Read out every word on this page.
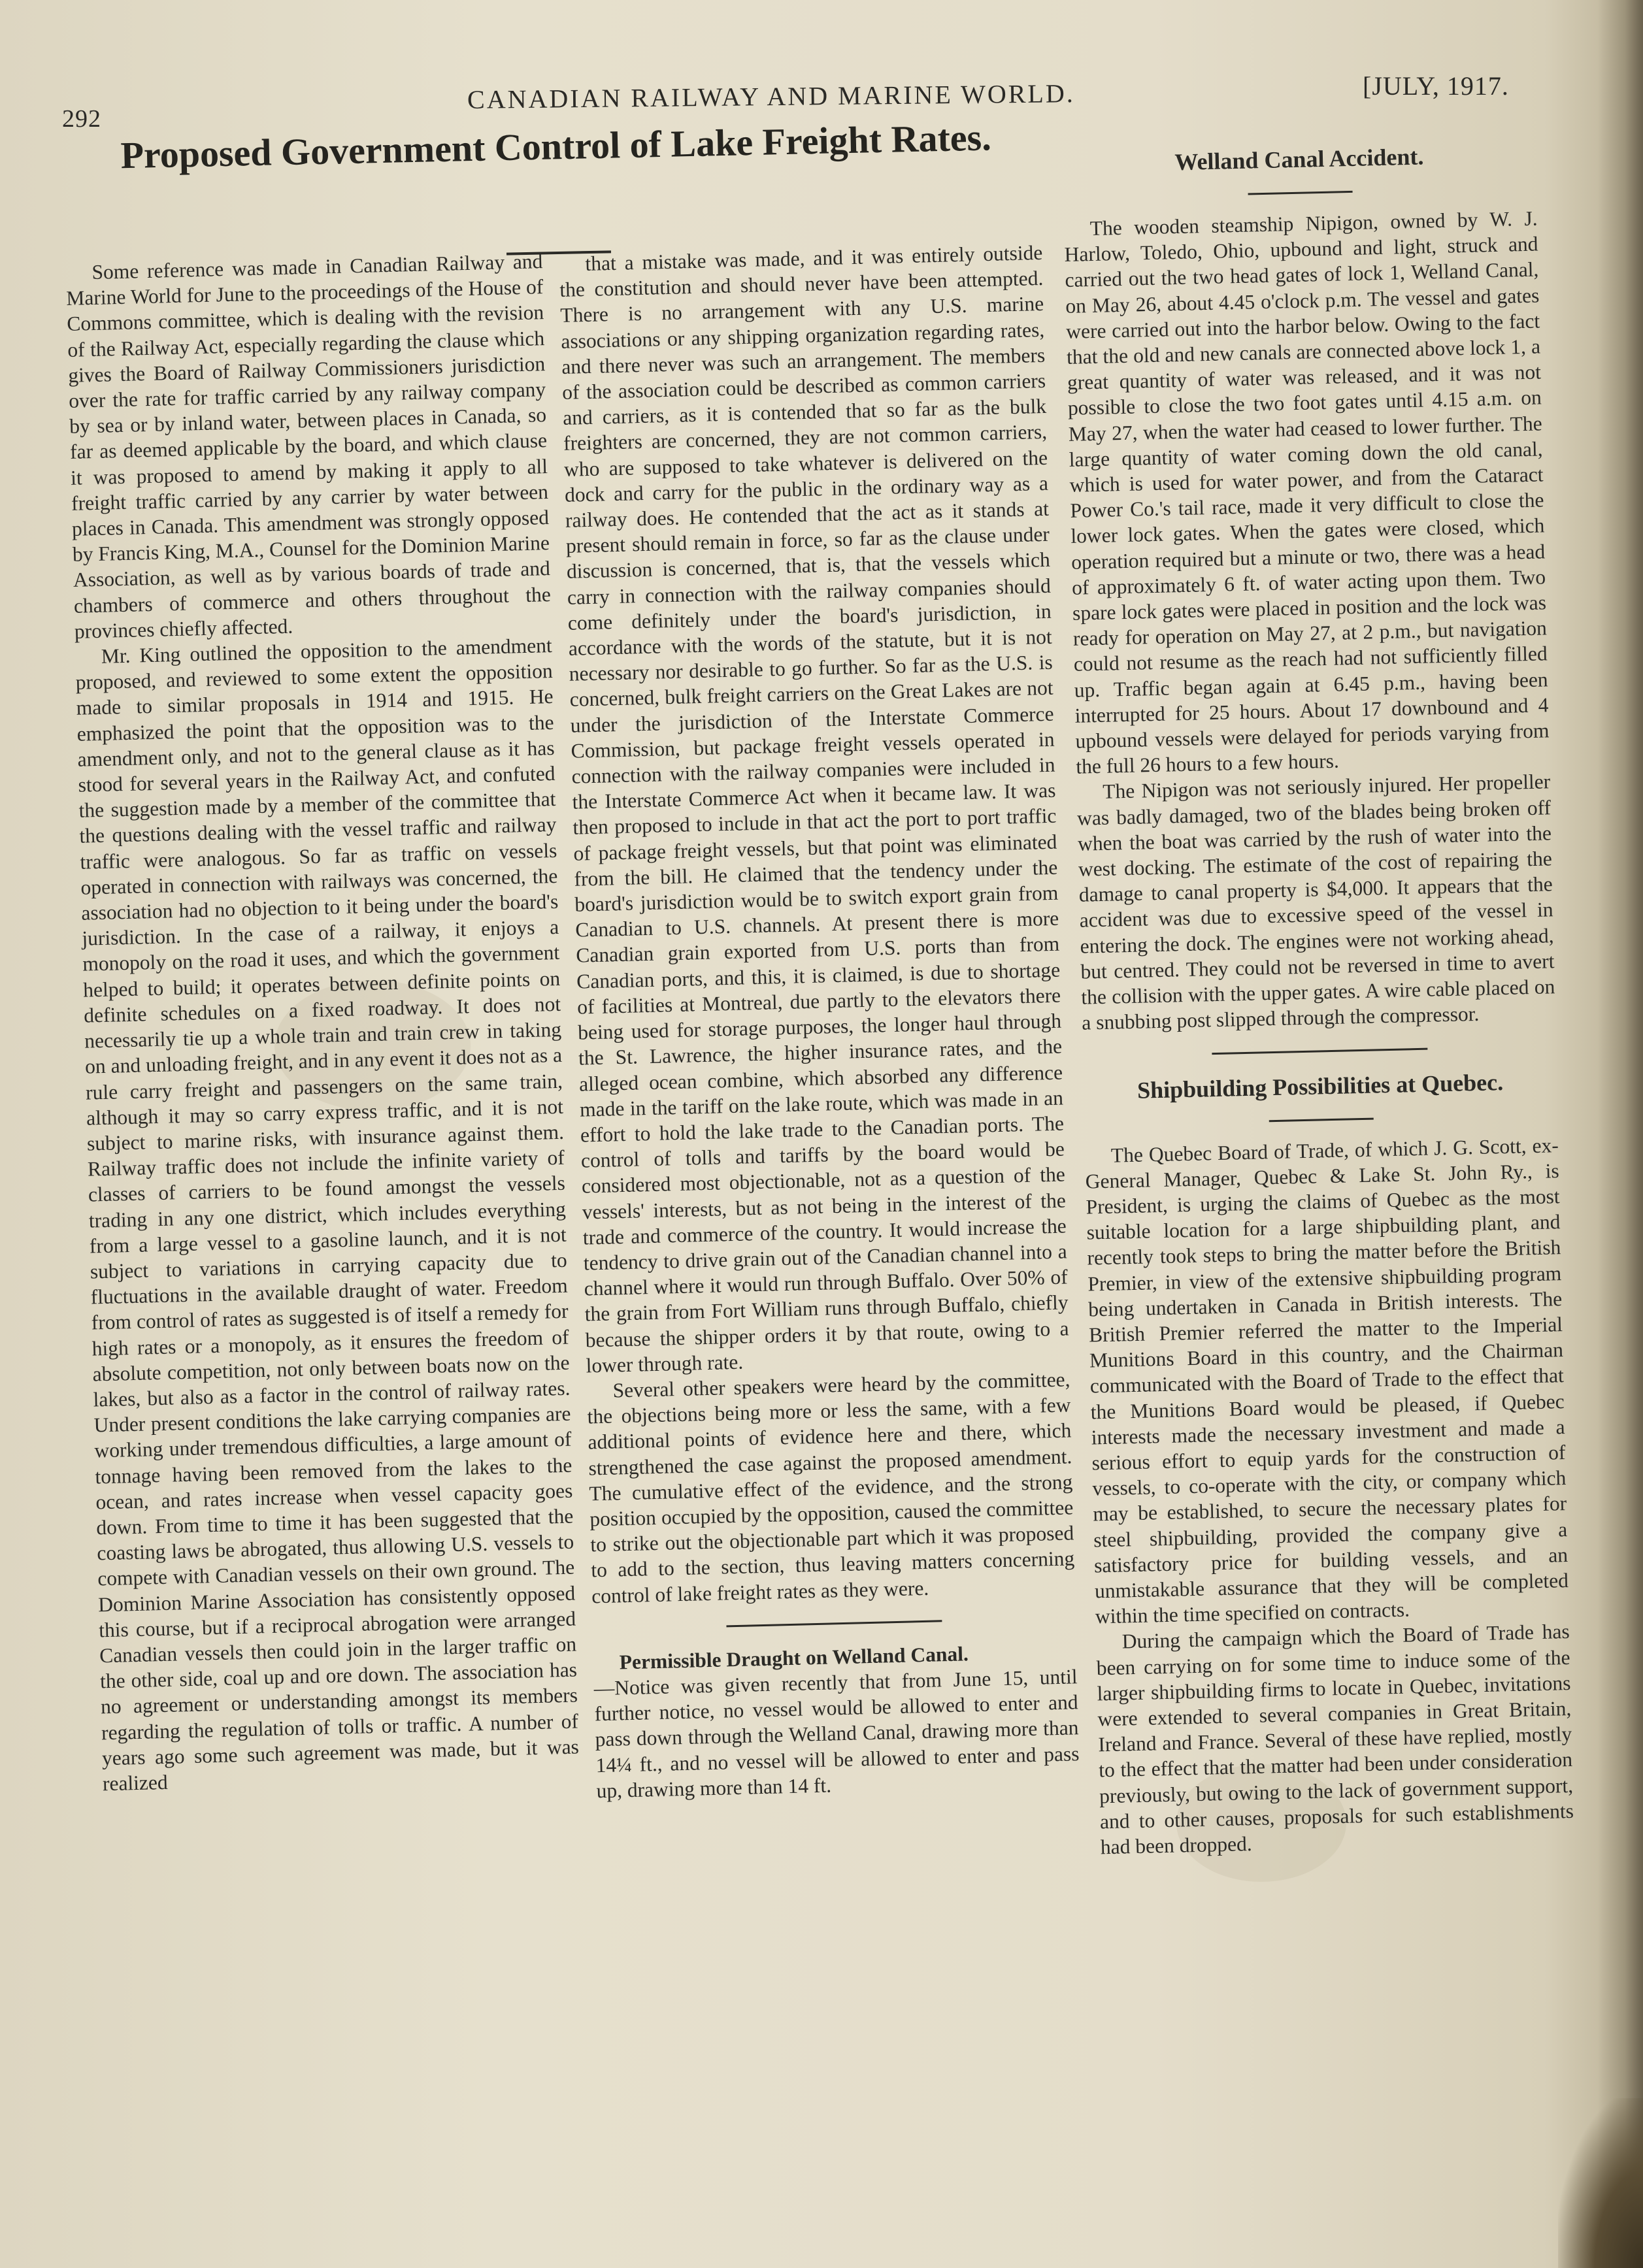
292
CANADIAN RAILWAY AND MARINE WORLD.	[JULY, 1917.
Proposed Government Control of Lake Freight Rates.

Some reference was made in Canadian Railway and Marine World for June to the proceedings of the House of Commons committee, which is dealing with the revision of the Railway Act, especially regarding the clause which gives the Board of Railway Commissioners jurisdiction over the rate for traffic carried by any railway company by sea or by inland water, between places in Canada, so far as deemed applicable by the board, and which clause it was proposed to amend by making it apply to all freight traffic carried by any carrier by water between places in Canada. This amendment was strongly opposed by Francis King, M.A., Counsel for the Dominion Marine Association, as well as by various boards of trade and chambers of commerce and others throughout the provinces chiefly affected.

Mr. King outlined the opposition to the amendment proposed, and reviewed to some extent the opposition made to similar proposals in 1914 and 1915. He emphasized the point that the opposition was to the amendment only, and not to the general clause as it has stood for several years in the Railway Act, and confuted the suggestion made by a member of the committee that the questions dealing with the vessel traffic and railway traffic were analogous. So far as traffic on vessels operated in connection with railways was concerned, the association had no objection to it being under the board's jurisdiction. In the case of a railway, it enjoys a monopoly on the road it uses, and which the government helped to build; it operates between definite points on definite schedules on a fixed roadway. It does not necessarily tie up a whole train and train crew in taking on and unloading freight, and in any event it does not as a rule carry freight and passengers on the same train, although it may so carry express traffic, and it is not subject to marine risks, with insurance against them. Railway traffic does not include the infinite variety of classes of carriers to be found amongst the vessels trading in any one district, which includes everything from a large vessel to a gasoline launch, and it is not subject to variations in carrying capacity due to fluctuations in the available draught of water. Freedom from control of rates as suggested is of itself a remedy for high rates or a monopoly, as it ensures the freedom of absolute competition, not only between boats now on the lakes, but also as a factor in the control of railway rates. Under present conditions the lake carrying companies are working under tremendous difficulties, a large amount of tonnage having been removed from the lakes to the ocean, and rates increase when vessel capacity goes down. From time to time it has been suggested that the coasting laws be abrogated, thus allowing U.S. vessels to compete with Canadian vessels on their own ground. The Dominion Marine Association has consistently opposed this course, but if a reciprocal abrogation were arranged Canadian vessels then could join in the larger traffic on the other side, coal up and ore down. The association has no agreement or understanding amongst its members regarding the regulation of tolls or traffic. A number of years ago some such agreement was made, but it was realized

that a mistake was made, and it was entirely outside the constitution and should never have been attempted. There is no arrangement with any U.S. marine associations or any shipping organization regarding rates, and there never was such an arrangement. The members of the association could be described as common carriers and carriers, as it is contended that so far as the bulk freighters are concerned, they are not common carriers, who are supposed to take whatever is delivered on the dock and carry for the public in the ordinary way as a railway does. He contended that the act as it stands at present should remain in force, so far as the clause under discussion is concerned, that is, that the vessels which carry in connection with the railway companies should come definitely under the board's jurisdiction, in accordance with the words of the statute, but it is not necessary nor desirable to go further. So far as the U.S. is concerned, bulk freight carriers on the Great Lakes are not under the jurisdiction of the Interstate Commerce Commission, but package freight vessels operated in connection with the railway companies were included in the Interstate Commerce Act when it became law. It was then proposed to include in that act the port to port traffic of package freight vessels, but that point was eliminated from the bill. He claimed that the tendency under the board's jurisdiction would be to switch export grain from Canadian to U.S. channels. At present there is more Canadian grain exported from U.S. ports than from Canadian ports, and this, it is claimed, is due to shortage of facilities at Montreal, due partly to the elevators there being used for storage purposes, the longer haul through the St. Lawrence, the higher insurance rates, and the alleged ocean combine, which absorbed any difference made in the tariff on the lake route, which was made in an effort to hold the lake trade to the Canadian ports. The control of tolls and tariffs by the board would be considered most objectionable, not as a question of the vessels' interests, but as not being in the interest of the trade and commerce of the country. It would increase the tendency to drive grain out of the Canadian channel into a channel where it would run through Buffalo. Over 50% of the grain from Fort William runs through Buffalo, chiefly because the shipper orders it by that route, owing to a lower through rate.

Several other speakers were heard by the committee, the objections being more or less the same, with a few additional points of evidence here and there, which strengthened the case against the proposed amendment. The cumulative effect of the evidence, and the strong position occupied by the opposition, caused the committee to strike out the objectionable part which it was proposed to add to the section, thus leaving matters concerning control of lake freight rates as they were.

Permissible Draught on Welland Canal.
—Notice was given recently that from June 15, until further notice, no vessel would be allowed to enter and pass down through the Welland Canal, drawing more than 14¼ ft., and no vessel will be allowed to enter and pass up, drawing more than 14 ft.

Welland Canal Accident.

The wooden steamship Nipigon, owned by W. J. Harlow, Toledo, Ohio, upbound and light, struck and carried out the two head gates of lock 1, Welland Canal, on May 26, about 4.45 o'clock p.m. The vessel and gates were carried out into the harbor below. Owing to the fact that the old and new canals are connected above lock 1, a great quantity of water was released, and it was not possible to close the two foot gates until 4.15 a.m. on May 27, when the water had ceased to lower further. The large quantity of water coming down the old canal, which is used for water power, and from the Cataract Power Co.'s tail race, made it very difficult to close the lower lock gates. When the gates were closed, which operation required but a minute or two, there was a head of approximately 6 ft. of water acting upon them. Two spare lock gates were placed in position and the lock was ready for operation on May 27, at 2 p.m., but navigation could not resume as the reach had not sufficiently filled up. Traffic began again at 6.45 p.m., having been interrupted for 25 hours. About 17 downbound and 4 upbound vessels were delayed for periods varying from the full 26 hours to a few hours.

The Nipigon was not seriously injured. Her propeller was badly damaged, two of the blades being broken off when the boat was carried by the rush of water into the west docking. The estimate of the cost of repairing the damage to canal property is $4,000. It appears that the accident was due to excessive speed of the vessel in entering the dock. The engines were not working ahead, but centred. They could not be reversed in time to avert the collision with the upper gates. A wire cable placed on a snubbing post slipped through the compressor.

Shipbuilding Possibilities at Quebec.

The Quebec Board of Trade, of which J. G. Scott, ex-General Manager, Quebec & Lake St. John Ry., is President, is urging the claims of Quebec as the most suitable location for a large shipbuilding plant, and recently took steps to bring the matter before the British Premier, in view of the extensive shipbuilding program being undertaken in Canada in British interests. The British Premier referred the matter to the Imperial Munitions Board in this country, and the Chairman communicated with the Board of Trade to the effect that the Munitions Board would be pleased, if Quebec interests made the necessary investment and made a serious effort to equip yards for the construction of vessels, to co-operate with the city, or company which may be established, to secure the necessary plates for steel shipbuilding, provided the company give a satisfactory price for building vessels, and an unmistakable assurance that they will be completed within the time specified on contracts.

During the campaign which the Board of Trade has been carrying on for some time to induce some of the larger shipbuilding firms to locate in Quebec, invitations were extended to several companies in Great Britain, Ireland and France. Several of these have replied, mostly to the effect that the matter had been under consideration previously, but owing to the lack of government support, and to other causes, proposals for such establishments had been dropped.
